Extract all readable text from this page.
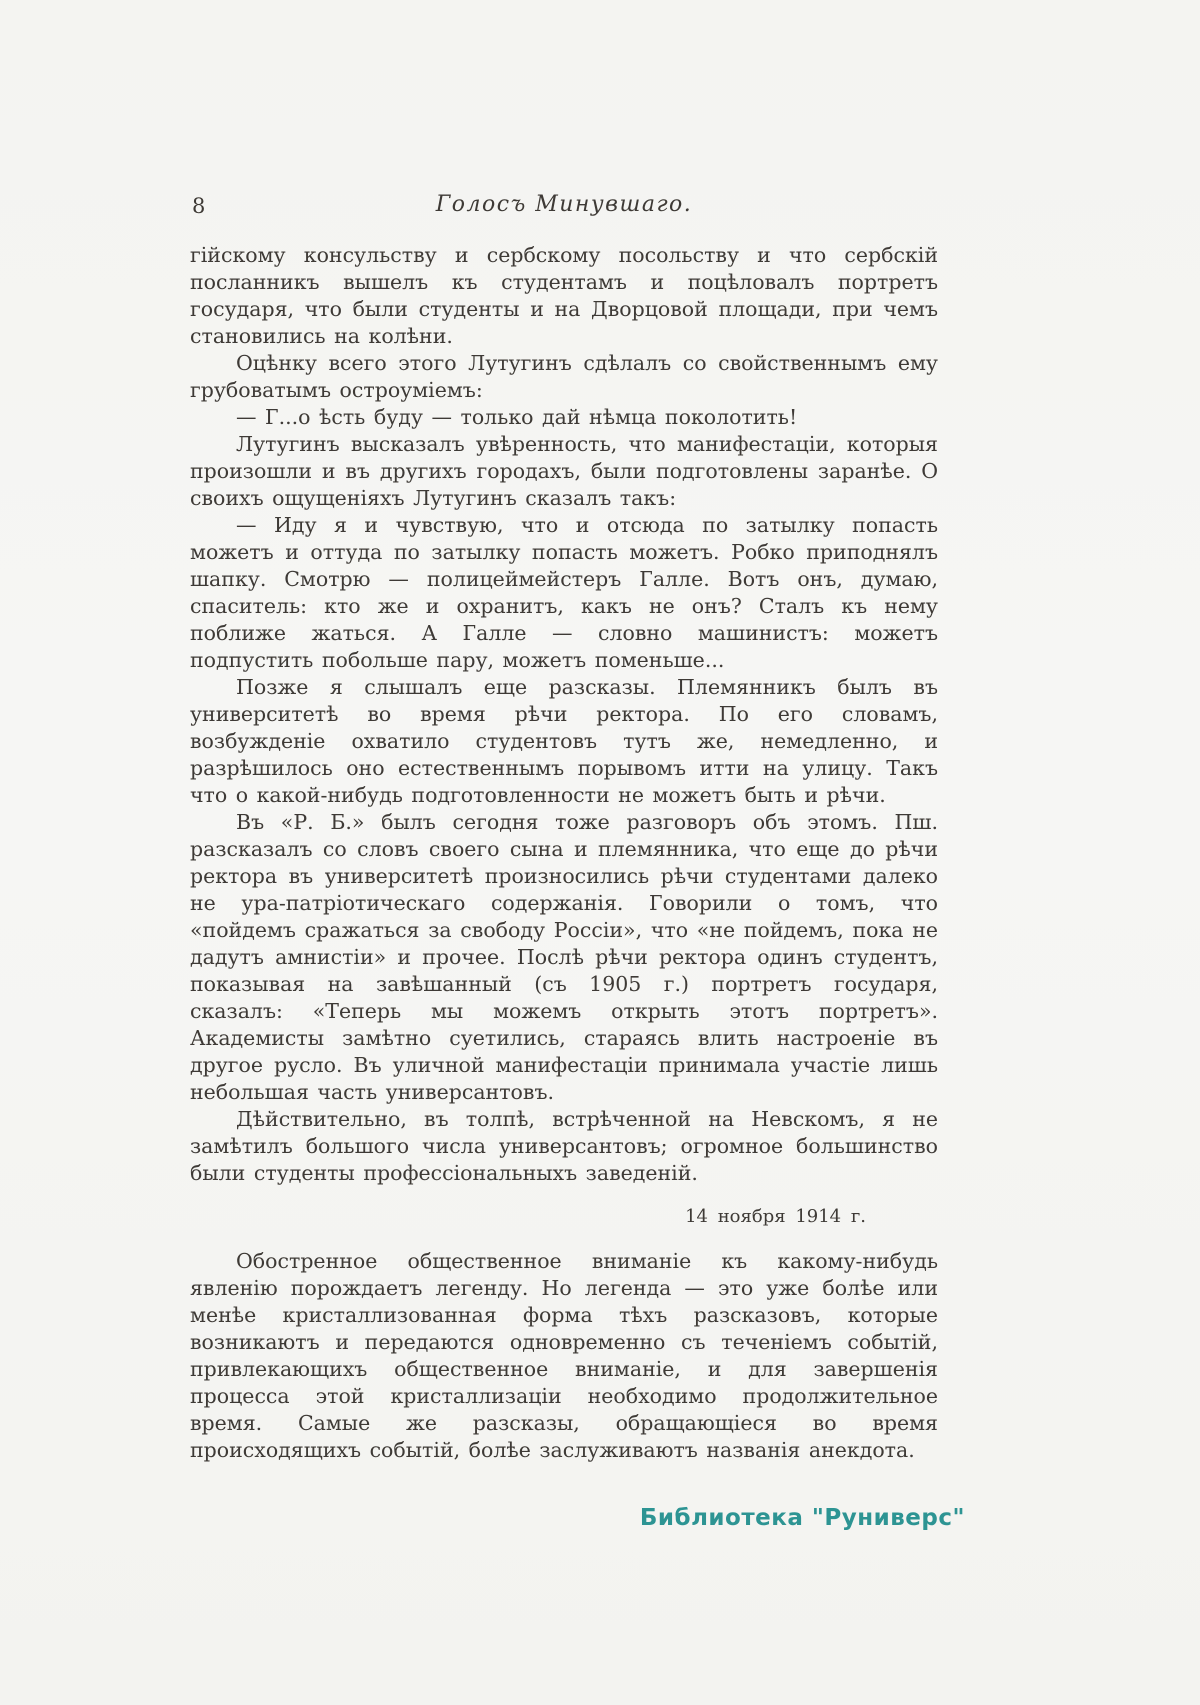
8	Голосъ Минувшаго.

гійскому консульству и сербскому посольству и что сербскій посланникъ вышелъ къ студентамъ и поцѣловалъ портретъ государя, что были студенты и на Дворцовой площади, при чемъ становились на колѣни.

Оцѣнку всего этого Лутугинъ сдѣлалъ со свойственнымъ ему грубоватымъ остроуміемъ:

— Г...о ѣсть буду — только дай нѣмца поколотить!

Лутугинъ высказалъ увѣренность, что манифестаціи, которыя произошли и въ другихъ городахъ, были подготовлены заранѣе. О своихъ ощущеніяхъ Лутугинъ сказалъ такъ:

— Иду я и чувствую, что и отсюда по затылку попасть можетъ и оттуда по затылку попасть можетъ. Робко приподнялъ шапку. Смотрю — полицеймейстеръ Галле. Вотъ онъ, думаю, спаситель: кто же и охранитъ, какъ не онъ? Сталъ къ нему поближе жаться. А Галле — словно машинистъ: можетъ подпустить побольше пару, можетъ поменьше...

Позже я слышалъ еще разсказы. Племянникъ былъ въ университетѣ во время рѣчи ректора. По его словамъ, возбужденіе охватило студентовъ тутъ же, немедленно, и разрѣшилось оно естественнымъ порывомъ итти на улицу. Такъ что о какой-нибудь подготовленности не можетъ быть и рѣчи.

Въ «Р. Б.» былъ сегодня тоже разговоръ объ этомъ. Пш. разсказалъ со словъ своего сына и племянника, что еще до рѣчи ректора въ университетѣ произносились рѣчи студентами далеко не ура-патріотическаго содержанія. Говорили о томъ, что «пойдемъ сражаться за свободу Россіи», что «не пойдемъ, пока не дадутъ амнистіи» и прочее. Послѣ рѣчи ректора одинъ студентъ, показывая на завѣшанный (съ 1905 г.) портретъ государя, сказалъ: «Теперь мы можемъ открыть этотъ портретъ». Академисты замѣтно суетились, стараясь влить настроеніе въ другое русло. Въ уличной манифестаціи принимала участіе лишь небольшая часть универсантовъ.

Дѣйствительно, въ толпѣ, встрѣченной на Невскомъ, я не замѣтилъ большого числа универсантовъ; огромное большинство были студенты профессіональныхъ заведеній.

14 ноября 1914 г.

Обостренное общественное вниманіе къ какому-нибудь явленію порождаетъ легенду. Но легенда — это уже болѣе или менѣе кристаллизованная форма тѣхъ разсказовъ, которые возникаютъ и передаются одновременно съ теченіемъ событій, привлекающихъ общественное вниманіе, и для завершенія процесса этой кристаллизаціи необходимо продолжительное время. Самые же разсказы, обращающіеся во время происходящихъ событій, болѣе заслуживаютъ названія анекдота.

Библиотека "Руниверс"
